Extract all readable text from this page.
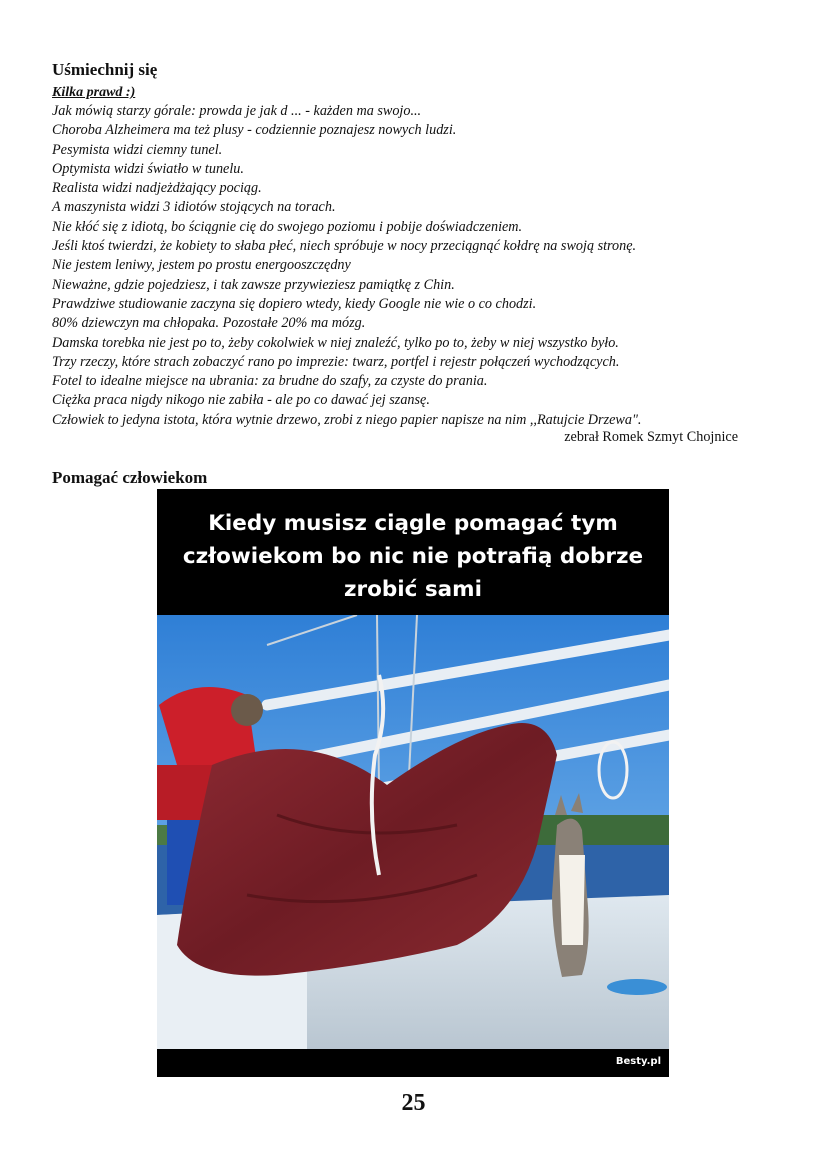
Uśmiechnij się
Kilka prawd :)
Jak mówią starzy górale: prowda je jak d ... - każden ma swojo...
Choroba Alzheimera ma też plusy - codziennie poznajesz nowych ludzi.
Pesymista widzi ciemny tunel.
Optymista widzi światło w tunelu.
Realista widzi nadjeżdżający pociąg.
A maszynista widzi 3 idiotów stojących na torach.
Nie kłóć się z idiotą, bo ściągnie cię do swojego poziomu i pobije doświadczeniem.
Jeśli ktoś twierdzi, że kobiety to słaba płeć, niech spróbuje w nocy przeciągnąć kołdrę na swoją stronę.
Nie jestem leniwy, jestem po prostu energooszczędny
Nieważne, gdzie pojedziesz, i tak zawsze przywieziesz pamiątkę z Chin.
Prawdziwe studiowanie zaczyna się dopiero wtedy, kiedy Google nie wie o co chodzi.
80% dziewczyn ma chłopaka. Pozostałe 20% ma mózg.
Damska torebka nie jest po to, żeby cokolwiek w niej znaleźć, tylko po to, żeby w niej wszystko było.
Trzy rzeczy, które strach zobaczyć rano po imprezie: twarz, portfel i rejestr połączeń wychodzących.
Fotel to idealne miejsce na ubrania: za brudne do szafy, za czyste do prania.
Ciężka praca nigdy nikogo nie zabiła - ale po co dawać jej szansę.
Człowiek to jedyna istota, która wytnie drzewo, zrobi z niego papier napisze na nim ,,Ratujcie Drzewa".
zebrał Romek Szmyt Chojnice
Pomagać człowiekom
Kiedy musisz ciągle pomagać tym
człowiekom bo nic nie potrafią dobrze
zrobić sami
Besty.pl
25
